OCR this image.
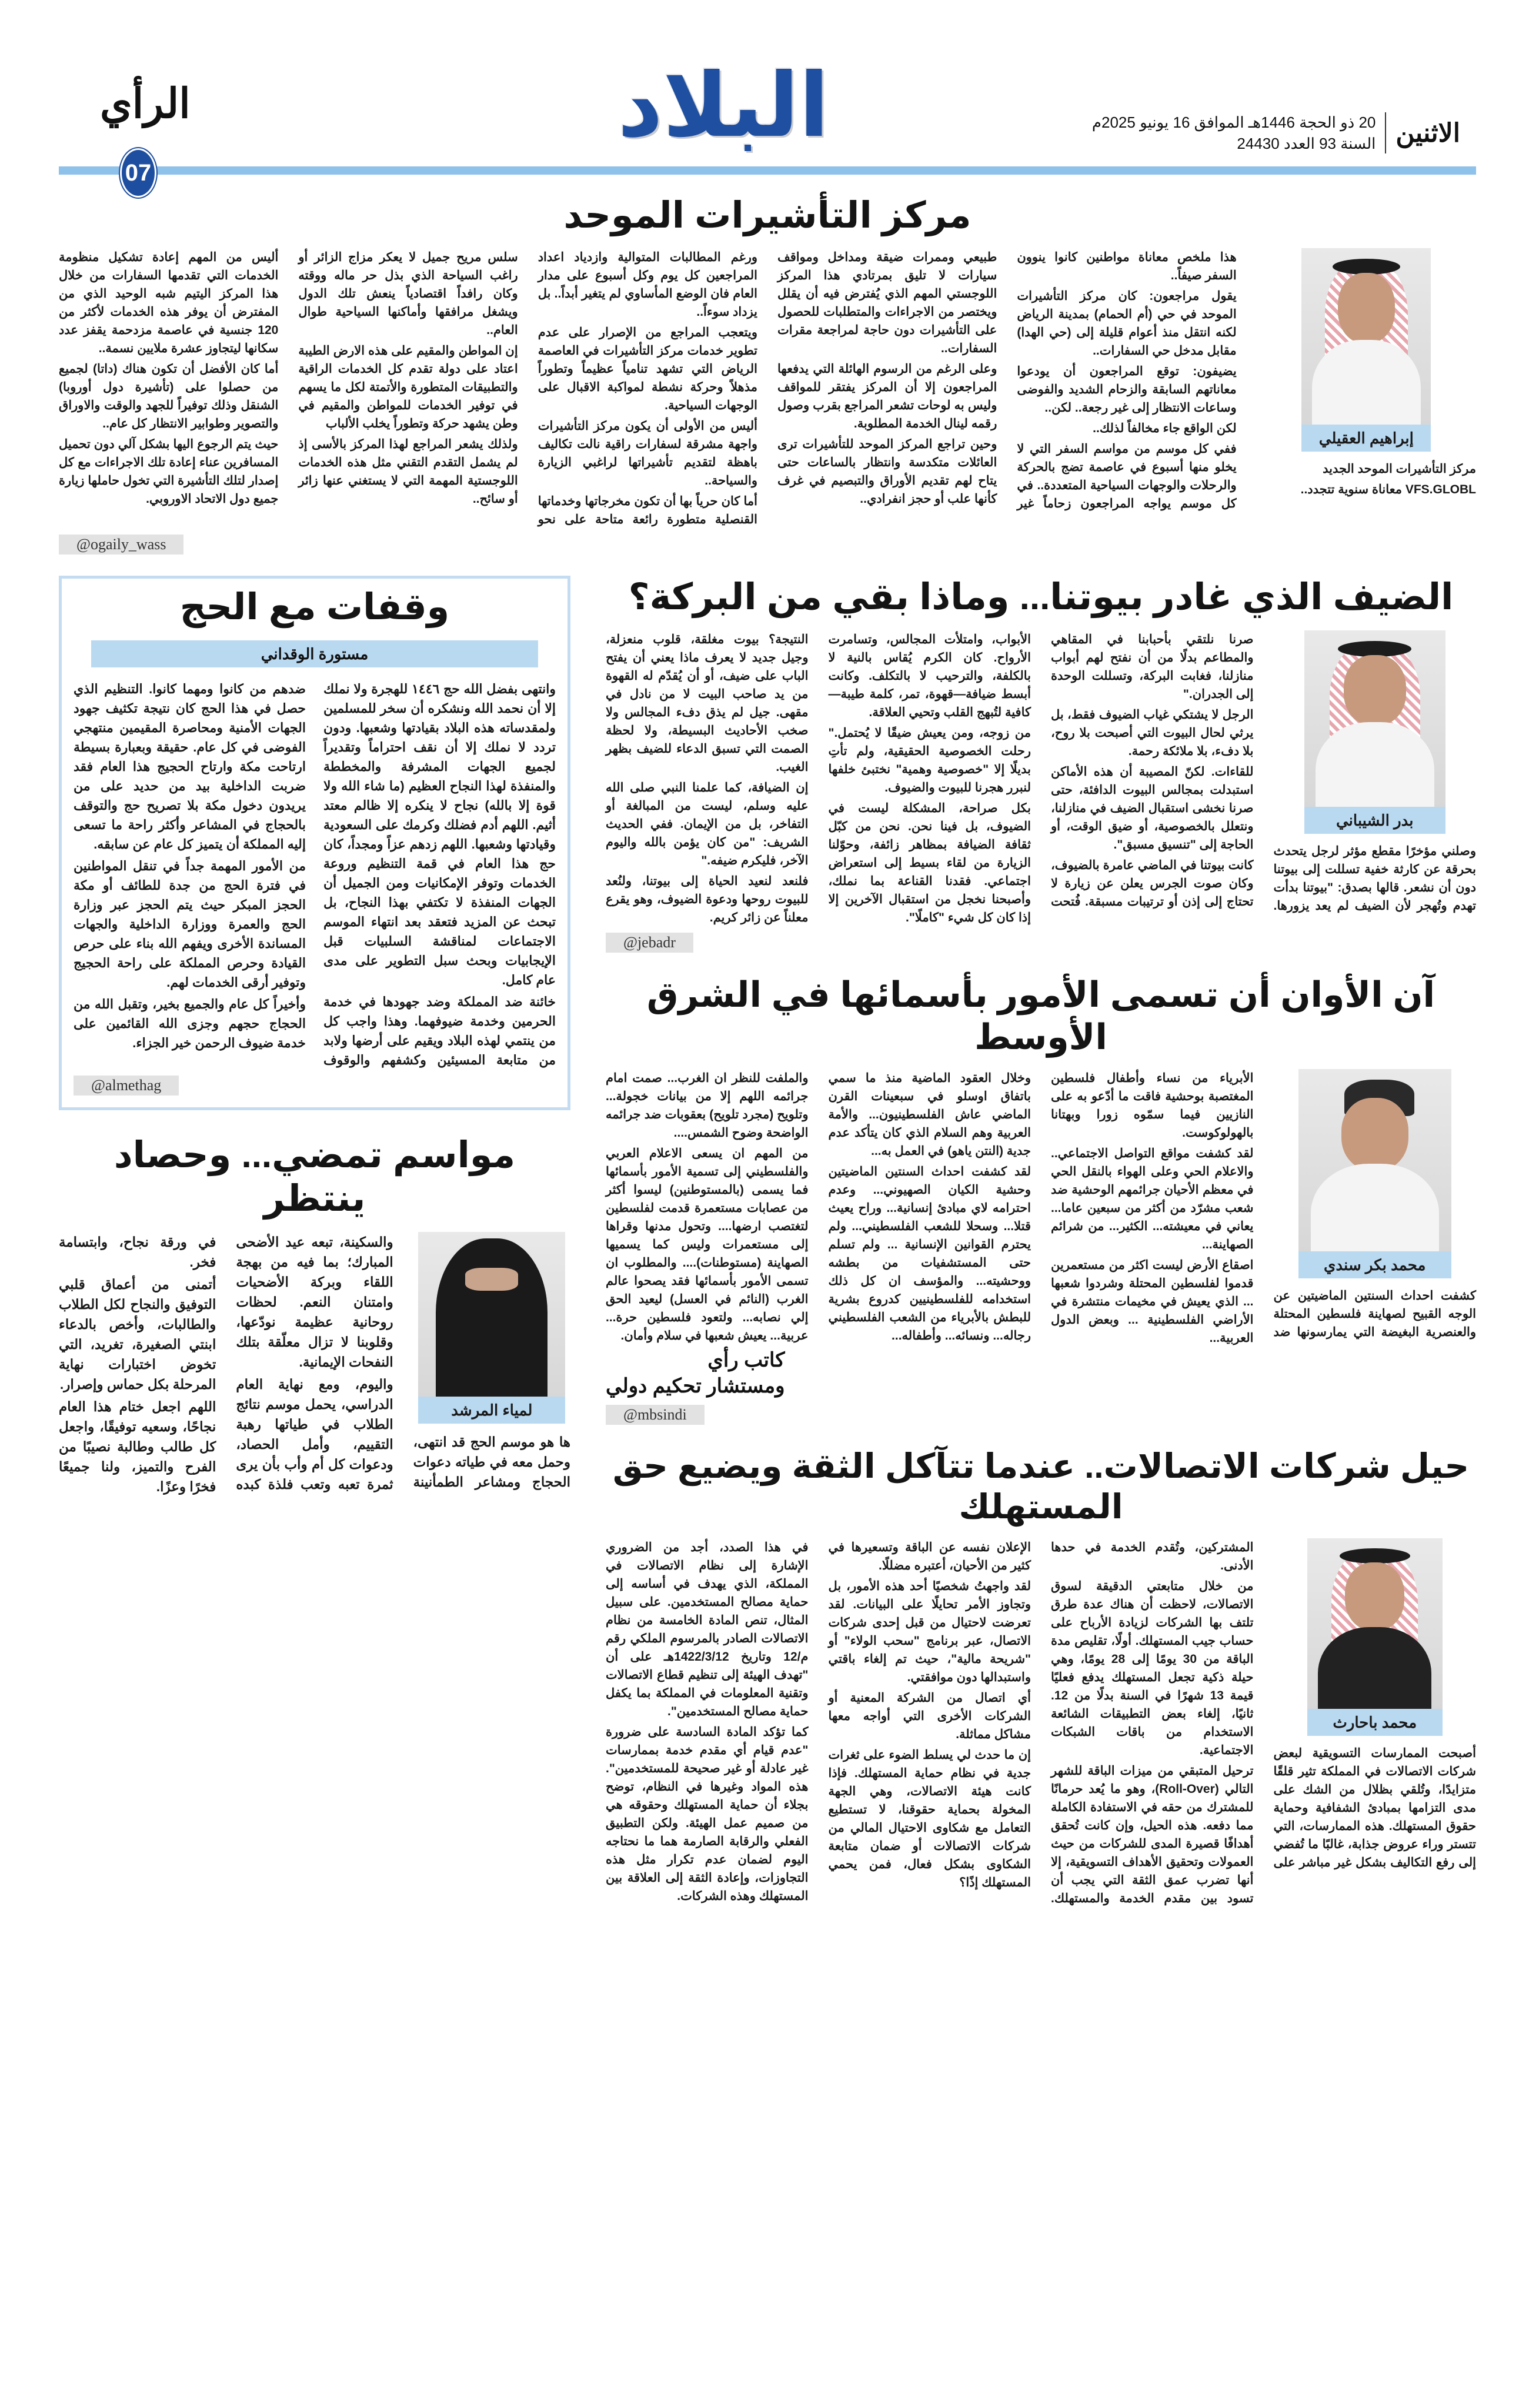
البلاد	الاثنين
20 ذو الحجة 1446هـ الموافق 16 يونيو 2025م
السنة 93 العدد 24430
الرأي
07
مركز التأشيرات الموحد
إبراهيم العقيلي

مركز التأشيرات الموحد الجديد

VFS.GLOBL معاناة سنوية تتجدد..

هذا ملخص معاناة مواطنين كانوا ينوون السفر صيفاً..

يقول مراجعون: كان مركز التأشيرات الموحد في حي (أم الحمام) بمدينة الرياض لكنه انتقل منذ أعوام قليلة إلى (حي الهدا) مقابل مدخل حي السفارات..

يضيفون: توقع المراجعون أن يودعوا معاناتهم السابقة والزحام الشديد والفوضى وساعات الانتظار إلى غير رجعة.. لكن..

لكن الواقع جاء مخالفاً لذلك..

ففي كل موسم من مواسم السفر التي لا يخلو منها أسبوع في عاصمة تضج بالحركة والرحلات والوجهات السياحية المتعددة.. في كل موسم يواجه المراجعون زحاماً غير طبيعي وممرات ضيقة ومداخل ومواقف سيارات لا تليق بمرتادي هذا المركز اللوجستي المهم الذي يُفترض فيه أن يقلل ويختصر من الاجراءات والمتطلبات للحصول على التأشيرات دون حاجة لمراجعة مقرات السفارات..

وعلى الرغم من الرسوم الهائلة التي يدفعها المراجعون إلا أن المركز يفتقر للمواقف وليس به لوحات تشعر المراجع بقرب وصول رقمه لينال الخدمة المطلوبة.

وحين تراجع المركز الموحد للتأشيرات ترى العائلات متكدسة وانتظار بالساعات حتى يتاح لهم تقديم الأوراق والتبصيم في غرف كأنها علب أو حجز انفرادي..

ورغم المطالبات المتوالية وازدياد اعداد المراجعين كل يوم وكل أسبوع على مدار العام فان الوضع المأساوي لم يتغير أبداً.. بل يزداد سوءاً..

ويتعجب المراجع من الإصرار على عدم تطوير خدمات مركز التأشيرات في العاصمة الرياض التي تشهد تنامياً عظيماً وتطوراً مذهلاً وحركة نشطة لمواكبة الاقبال على الوجهات السياحية.

أليس من الأولى أن يكون مركز التأشيرات واجهة مشرقة لسفارات راقية نالت تكاليف باهظة لتقديم تأشيراتها لراغبي الزيارة والسياحة..

أما كان حرياً بها أن تكون مخرجاتها وخدماتها القنصلية متطورة رائعة متاحة على نحو سلس مريح جميل لا يعكر مزاج الزائر أو راغب السياحة الذي بذل حر ماله ووقته وكان رافداً اقتصادياً ينعش تلك الدول ويشغل مرافقها وأماكنها السياحية طوال العام..

إن المواطن والمقيم على هذه الارض الطيبة اعتاد على دولة تقدم كل الخدمات الراقية والتطبيقات المتطورة والأتمتة لكل ما يسهم في توفير الخدمات للمواطن والمقيم في وطن يشهد حركة وتطوراً يخلب الألباب

ولذلك يشعر المراجع لهذا المركز بالأسى إذ لم يشمل التقدم التقني مثل هذه الخدمات اللوجستية المهمة التي لا يستغني عنها زائر أو سائح..

أليس من المهم إعادة تشكيل منظومة الخدمات التي تقدمها السفارات من خلال هذا المركز اليتيم شبه الوحيد الذي من المفترض أن يوفر هذه الخدمات لأكثر من 120 جنسية في عاصمة مزدحمة يقفز عدد سكانها ليتجاوز عشرة ملايين نسمة..

أما كان الأفضل أن تكون هناك (داتا) لجميع من حصلوا على (تأشيرة دول أوروبا) الشنقل وذلك توفيراً للجهد والوقت والاوراق والتصوير وطوابير الانتظار كل عام..

حيث يتم الرجوع اليها بشكل آلي دون تحميل المسافرين عناء إعادة تلك الاجراءات مع كل إصدار لتلك التأشيرة التي تخول حاملها زيارة جميع دول الاتحاد الاوروبي.

@ogaily_wass
الضيف الذي غادر بيوتنا... وماذا بقي من البركة؟
بدر الشيباني

وصلني مؤخرًا مقطع مؤثر لرجل يتحدث بحرقة عن كارثة خفية تسللت إلى بيوتنا دون أن نشعر. قالها بصدق: "بيوتنا بدأت تهدم وتُهجر لأن الضيف لم يعد يزورها. صرنا نلتقي بأحبابنا في المقاهي والمطاعم بدلًا من أن نفتح لهم أبواب منازلنا، فغابت البركة، وتسللت الوحدة إلى الجدران."

الرجل لا يشتكي غياب الضيوف فقط، بل يرثي لحال البيوت التي أصبحت بلا روح، بلا دفء، بلا ملائكة رحمة.

للقاءات. لكنّ المصيبة أن هذه الأماكن استبدلت بمجالس البيوت الدافئة، حتى صرنا نخشى استقبال الضيف في منازلنا، ونتعلل بالخصوصية، أو ضيق الوقت، أو الحاجة إلى "تنسيق مسبق".

كانت بيوتنا في الماضي عامرة بالضيوف، وكان صوت الجرس يعلن عن زيارة لا تحتاج إلى إذن أو ترتيبات مسبقة. فُتحت الأبواب، وامتلأت المجالس، وتسامرت الأرواح. كان الكرم يُقاس بالنية لا بالكلفة، والترحيب لا بالتكلف. وكانت أبسط ضيافة—قهوة، تمر، كلمة طيبة—كافية لتُبهج القلب وتحيي العلاقة.

من زوجه، ومن يعيش ضيقًا لا يُحتمل." رحلت الخصوصية الحقيقية، ولم تأتِ بديلًا إلا "خصوصية وهمية" نختبئ خلفها لنبرر هجرنا للبيوت والضيوف.

بكل صراحة، المشكلة ليست في الضيوف، بل فينا نحن. نحن من كبّل ثقافة الضيافة بمظاهر زائفة، وحوّلنا الزيارة من لقاء بسيط إلى استعراض اجتماعي. فقدنا القناعة بما نملك، وأصبحنا نخجل من استقبال الآخرين إلا إذا كان كل شيء "كاملًا".

النتيجة؟ بيوت مغلقة، قلوب منعزلة، وجيل جديد لا يعرف ماذا يعني أن يفتح الباب على ضيف، أو أن يُقدّم له القهوة من يد صاحب البيت لا من نادل في مقهى. جيل لم يذق دفء المجالس ولا صخب الأحاديث البسيطة، ولا لحظة الصمت التي تسبق الدعاء للضيف بظهر الغيب.

إن الضيافة، كما علمنا النبي صلى الله عليه وسلم، ليست من المبالغة أو التفاخر، بل من الإيمان. ففي الحديث الشريف: "من كان يؤمن بالله واليوم الآخر، فليكرم ضيفه."

فلنعد لنعيد الحياة إلى بيوتنا، ولنُعد للبيوت روحها ودعوة الضيوف، وهو يقرع معلناً عن زائر كريم.

@jebadr
آن الأوان أن تسمى الأمور بأسمائها في الشرق الأوسط
محمد بكر سندي

كشفت احداث السنتين الماضيتين عن الوجه القبيح لصهاينة فلسطين المحتلة والعنصرية البغيضة التي يمارسونها ضد الأبرياء من نساء وأطفال فلسطين المغتصبة بوحشية فاقت ما أدّعو به على النازيين فيما سمّوه زورا وبهتانا بالهولوكوست.

لقد كشفت مواقع التواصل الاجتماعي.. والاعلام الحي وعلى الهواء بالنقل الحي في معظم الأحيان جرائمهم الوحشية ضد شعب مشرّد من أكثر من سبعين عاما... يعاني في معيشته... الكثير... من شرائم الصهاينة...

اصقاع الأرض ليست اكثر من مستعمرين قدموا لفلسطين المحتلة وشردوا شعبها ... الذي يعيش في مخيمات منتشرة في الأراضي الفلسطينية ... وبعض الدول العربية...

وخلال العقود الماضية منذ ما سمي باتفاق اوسلو في سبعينات القرن الماضي عاش الفلسطينيون... والأمة العربية وهم السلام الذي كان يتأكد عدم جدية (النتن ياهو) في العمل به...

لقد كشفت احداث السنتين الماضيتين وحشية الكيان الصهيوني... وعدم احترامه لاي مبادئ إنسانية... وراح يعيث قتلا... وسحلا للشعب الفلسطيني... ولم يحترم القوانين الإنسانية ... ولم تسلم حتى المستشفيات من بطشه ووحشيته... والمؤسف ان كل ذلك استخدامه للفلسطينيين كدروع بشرية للبطش بالأبرياء من الشعب الفلسطيني رجاله... ونسائه... وأطفاله...

والملفت للنظر ان الغرب... صمت امام جرائمه اللهم إلا من بيانات خجولة... وتلويح (مجرد تلويح) بعقوبات ضد جرائمه الواضحة وضوح الشمس....

من المهم ان يسعى الاعلام العربي والفلسطيني إلى تسمية الأمور بأسمائها فما يسمى (بالمستوطنين) ليسوا أكثر من عصابات مستعمرة قدمت لفلسطين لتغتصب ارضها.... وتحول مدنها وقراها إلى مستعمرات وليس كما يسميها الصهاينة (مستوطنات).... والمطلوب ان تسمى الأمور بأسمائها فقد يصحوا عالم الغرب (النائم في العسل) ليعيد الحق إلي نصابه... ولتعود فلسطين حرة... عربية... يعيش شعبها في سلام وأمان.

كاتب رأي
ومستشار تحكيم دولي
@mbsindi
حيل شركات الاتصالات.. عندما تتآكل الثقة ويضيع حق المستهلك
محمد باحارث

أصبحت الممارسات التسويقية لبعض شركات الاتصالات في المملكة تثير قلقًا متزايدًا، وتُلقي بظلال من الشك على مدى التزامها بمبادئ الشفافية وحماية حقوق المستهلك. هذه الممارسات، التي تتستر وراء عروض جذابة، غالبًا ما تُفضي إلى رفع التكاليف بشكل غير مباشر على المشتركين، وتُقدم الخدمة في حدها الأدنى.

من خلال متابعتي الدقيقة لسوق الاتصالات، لاحظت أن هناك عدة طرق تلتف بها الشركات لزيادة الأرباح على حساب جيب المستهلك. أولًا، تقليص مدة الباقة من 30 يومًا إلى 28 يومًا، وهي حيلة ذكية تجعل المستهلك يدفع فعليًا قيمة 13 شهرًا في السنة بدلًا من 12. ثانيًا، إلغاء بعض التطبيقات الشائعة الاستخدام من باقات الشبكات الاجتماعية.

ترحيل المتبقي من ميزات الباقة للشهر التالي (Roll-Over)، وهو ما يُعد حرمانًا للمشترك من حقه في الاستفادة الكاملة مما دفعه. هذه الحيل، وإن كانت تُحقق أهدافًا قصيرة المدى للشركات من حيث العمولات وتحقيق الأهداف التسويقية، إلا أنها تضرب عمق الثقة التي يجب أن تسود بين مقدم الخدمة والمستهلك. الإعلان نفسه عن الباقة وتسعيرها في كثير من الأحيان، أعتبره مضللًا.

لقد واجهتُ شخصيًا أحد هذه الأمور، بل وتجاوز الأمر تحايلًا على البيانات. لقد تعرضت لاحتيال من قبل إحدى شركات الاتصال، عبر برنامج "سحب الولاء" أو "شريحة مالية"، حيث تم إلغاء باقتي واستبدالها دون موافقتي.

أي اتصال من الشركة المعنية أو الشركات الأخرى التي أواجه معها مشاكل مماثلة.

إن ما حدث لي يسلط الضوء على ثغرات جدية في نظام حماية المستهلك. فإذا كانت هيئة الاتصالات، وهي الجهة المخولة بحماية حقوقنا، لا تستطيع التعامل مع شكاوى الاحتيال المالي من شركات الاتصالات أو ضمان متابعة الشكاوى بشكل فعال، فمن يحمي المستهلك إذًا؟

في هذا الصدد، أجد من الضروري الإشارة إلى نظام الاتصالات في المملكة، الذي يهدف في أساسه إلى حماية مصالح المستخدمين. على سبيل المثال، تنص المادة الخامسة من نظام الاتصالات الصادر بالمرسوم الملكي رقم م/12 وتاريخ 1422/3/12هـ على أن "تهدف الهيئة إلى تنظيم قطاع الاتصالات وتقنية المعلومات في المملكة بما يكفل حماية مصالح المستخدمين".

كما تؤكد المادة السادسة على ضرورة "عدم قيام أي مقدم خدمة بممارسات غير عادلة أو غير صحيحة للمستخدمين". هذه المواد وغيرها في النظام، توضح بجلاء أن حماية المستهلك وحقوقه هي من صميم عمل الهيئة. ولكن التطبيق الفعلي والرقابة الصارمة هما ما نحتاجه اليوم لضمان عدم تكرار مثل هذه التجاوزات، وإعادة الثقة إلى العلاقة بين المستهلك وهذه الشركات.

وقفات مع الحج
مستورة الوقداني

وانتهى بفضل الله حج ١٤٤٦ للهجرة ولا نملك إلا أن نحمد الله ونشكره أن سخر للمسلمين ولمقدساته هذه البلاد بقيادتها وشعبها. ودون تردد لا نملك إلا أن نقف احتراماً وتقديراً لجميع الجهات المشرفة والمخططة والمنفذة لهذا النجاح العظيم (ما شاء الله ولا قوة إلا بالله) نجاح لا ينكره إلا ظالم معتد أثيم. اللهم أدم فضلك وكرمك على السعودية وقيادتها وشعبها. اللهم زدهم عزاً ومجداً، كان حج هذا العام في قمة التنظيم وروعة الخدمات وتوفر الإمكانيات ومن الجميل أن الجهات المنفذة لا تكتفي بهذا النجاح، بل تبحث عن المزيد فتعقد بعد انتهاء الموسم الاجتماعات لمناقشة السلبيات قبل الإيجابيات وبحث سبل التطوير على مدى عام كامل.

خائنة ضد المملكة وضد جهودها في خدمة الحرمين وخدمة ضيوفهما. وهذا واجب كل من ينتمي لهذه البلاد ويقيم على أرضها ولابد من متابعة المسيئين وكشفهم والوقوف ضدهم من كانوا ومهما كانوا. التنظيم الذي حصل في هذا الحج كان نتيجة تكثيف جهود الجهات الأمنية ومحاصرة المقيمين منتهجي الفوضى في كل عام. حقيقة وبعبارة بسيطة ارتاحت مكة وارتاح الحجيج هذا العام فقد ضربت الداخلية بيد من حديد على من يريدون دخول مكة بلا تصريح حج والتوقف بالحجاج في المشاعر وأكثر راحة ما تسعى إليه المملكة أن يتميز كل عام عن سابقه.

من الأمور المهمة جداً في تنقل المواطنين في فترة الحج من جدة للطائف أو مكة الحجز المبكر حيث يتم الحجز عبر وزارة الحج والعمرة ووزارة الداخلية والجهات المساندة الأخرى ويفهم الله بناء على حرص القيادة وحرص المملكة على راحة الحجيج وتوفير أرقى الخدمات لهم.

وأخيراً كل عام والجميع بخير، وتقبل الله من الحجاج حجهم وجزى الله القائمين على خدمة ضيوف الرحمن خير الجزاء.

@almethag
مواسم تمضي... وحصاد ينتظر
لمياء المرشد

ها هو موسم الحج قد انتهى، وحمل معه في طياته دعوات الحجاج ومشاعر الطمأنينة والسكينة، تبعه عيد الأضحى المبارك؛ بما فيه من بهجة اللقاء وبركة الأضحيات وامتنان النعم. لحظات روحانية عظيمة نودّعها، وقلوبنا لا تزال معلّقة بتلك النفحات الإيمانية.

واليوم، ومع نهاية العام الدراسي، يحمل موسم نتائج الطلاب في طياتها رهبة التقييم، وأمل الحصاد، ودعوات كل أم وأب بأن يرى ثمرة تعبه وتعب فلذة كبده في ورقة نجاح، وابتسامة فخر.

أتمنى من أعماق قلبي التوفيق والنجاح لكل الطلاب والطالبات، وأخص بالدعاء ابنتي الصغيرة، تغريد، التي تخوض اختبارات نهاية المرحلة بكل حماس وإصرار.

اللهم اجعل ختام هذا العام نجاحًا، وسعيه توفيقًا، واجعل كل طالب وطالبة نصيبًا من الفرح والتميز، ولنا جميعًا فخرًا وعزًا.
